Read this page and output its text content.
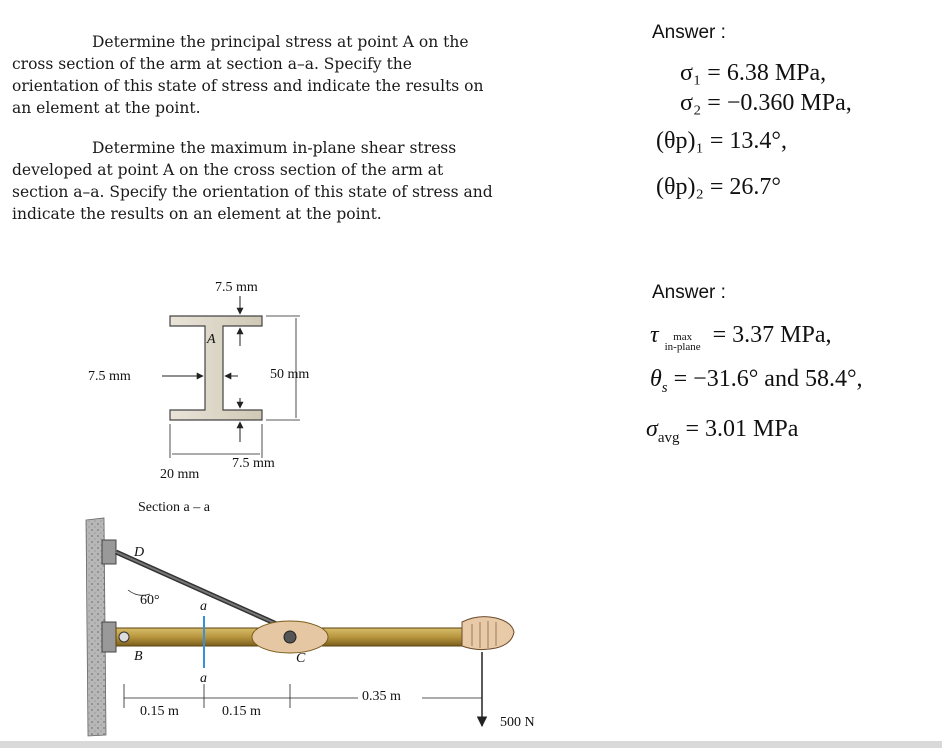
Determine the principal stress at point A on the
cross section of the arm at section a–a. Specify the
orientation of this state of stress and indicate the results on
an element at the point.
Determine the maximum in-plane shear stress
developed at point A on the cross section of the arm at
section a–a. Specify the orientation of this state of stress and
indicate the results on an element at the point.
Answer :
σ₁ = 6.38 MPa,
σ₂ = −0.360 MPa,
(θp)₁ = 13.4°,
(θp)₂ = 26.7°
Answer :
τ max
in-plane = 3.37 MPa,
$\theta_s = -31.6^\circ$ and 58.4°,
$\sigma_{avg} = 3.01$ MPa
7.5 mm
A
50 mm
7.5 mm
7.5 mm
20 mm
Section a – a
D
B
60°
C
a
a
500 N
0.15 m	0.15 m
0.35 m
